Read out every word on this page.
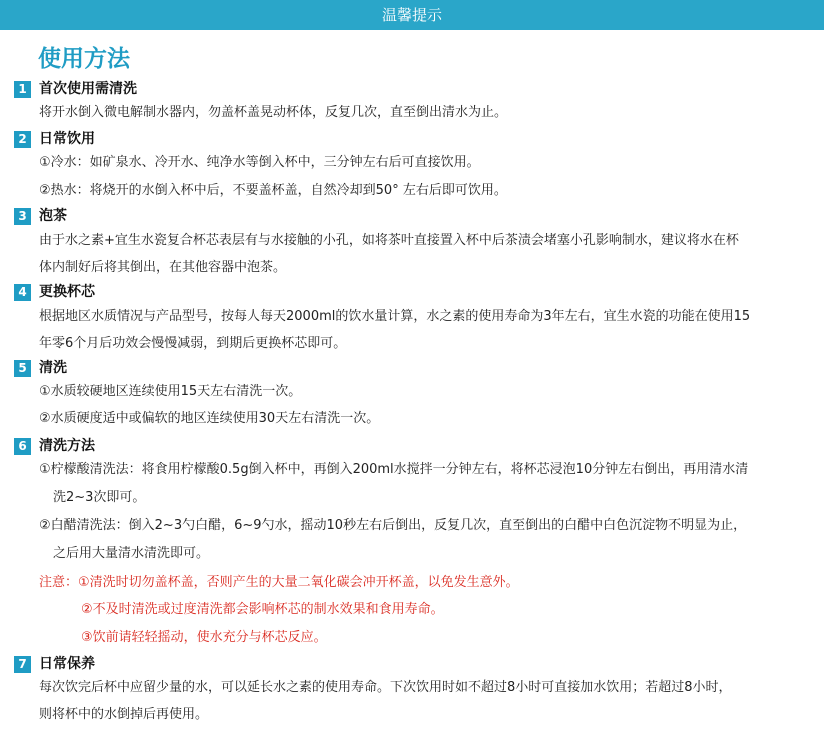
温馨提示
使用方法
1 首次使用需清洗
将开水倒入微电解制水器内，勿盖杯盖晃动杯体，反复几次，直至倒出清水为止。
2 日常饮用
①冷水：如矿泉水、冷开水、纯净水等倒入杯中，三分钟左右后可直接饮用。
②热水：将烧开的水倒入杯中后，不要盖杯盖，自然冷却到50° 左右后即可饮用。
3 泡茶
由于水之素+宜生水瓷复合杯芯表层有与水接触的小孔，如将茶叶直接置入杯中后茶渍会堵塞小孔影响制水，建议将水在杯
体内制好后将其倒出，在其他容器中泡茶。
4 更换杯芯
根据地区水质情况与产品型号，按每人每天2000ml的饮水量计算，水之素的使用寿命为3年左右，宜生水瓷的功能在使用15
年零6个月后功效会慢慢减弱，到期后更换杯芯即可。
5 清洗
①水质较硬地区连续使用15天左右清洗一次。
②水质硬度适中或偏软的地区连续使用30天左右清洗一次。
6 清洗方法
①柠檬酸清洗法：将食用柠檬酸0.5g倒入杯中，再倒入200ml水搅拌一分钟左右，将杯芯浸泡10分钟左右倒出，再用清水清
洗2~3次即可。
②白醋清洗法：倒入2~3勺白醋，6~9勺水，摇动10秒左右后倒出，反复几次，直至倒出的白醋中白色沉淀物不明显为止，
之后用大量清水清洗即可。
注意：①清洗时切勿盖杯盖，否则产生的大量二氧化碳会冲开杯盖，以免发生意外。
②不及时清洗或过度清洗都会影响杯芯的制水效果和食用寿命。
③饮前请轻轻摇动，使水充分与杯芯反应。
7 日常保养
每次饮完后杯中应留少量的水，可以延长水之素的使用寿命。下次饮用时如不超过8小时可直接加水饮用；若超过8小时，
则将杯中的水倒掉后再使用。
